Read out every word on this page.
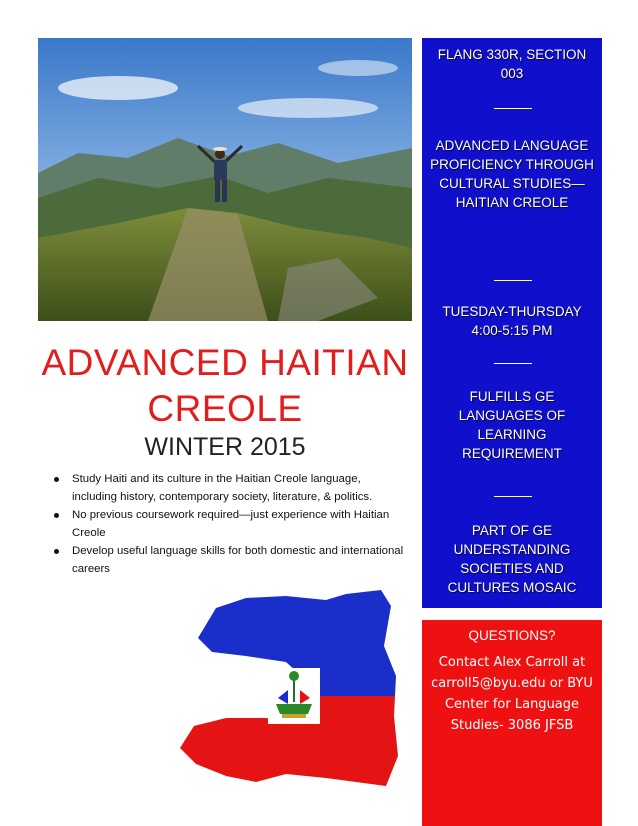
ADVANCED HAITIAN CREOLE
WINTER 2015
Study Haiti and its culture in the Haitian Creole language, including history, contemporary society, literature, & politics.
No previous coursework required—just experience with Haitian Creole
Develop useful language skills for both domestic and international careers
FLANG 330R, SECTION 003
ADVANCED LANGUAGE PROFICIENCY THROUGH CULTURAL STUDIES—HAITIAN CREOLE
TUESDAY-THURSDAY 4:00-5:15 PM
FULFILLS GE LANGUAGES OF LEARNING REQUIREMENT
PART OF GE UNDERSTANDING SOCIETIES AND CULTURES MOSAIC
QUESTIONS?
Contact Alex Carroll at carroll5@byu.edu or BYU Center for Language Studies- 3086 JFSB
